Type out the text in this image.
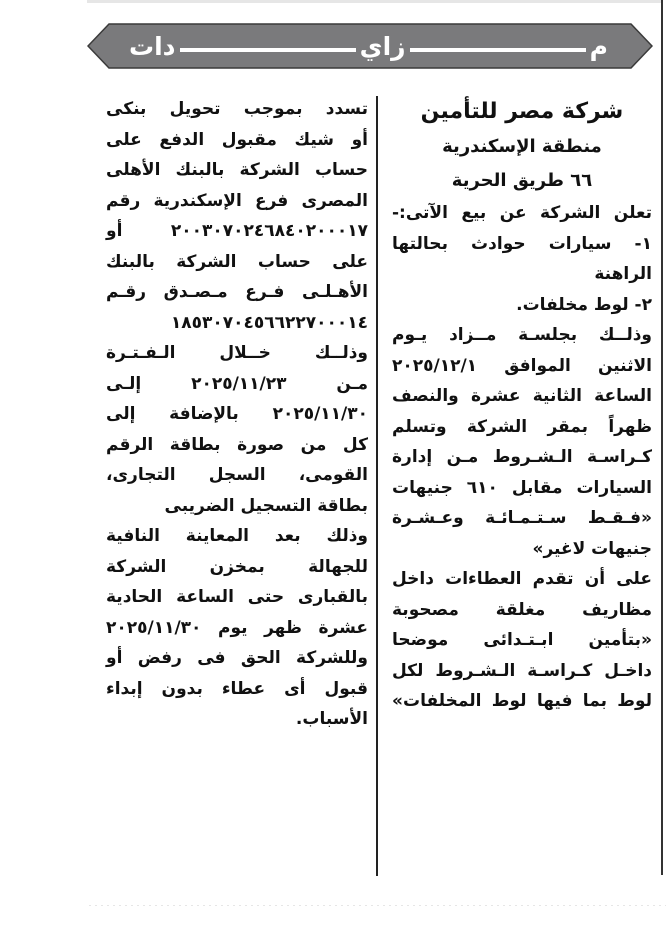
م
زاي
دات
شركة مصر للتأمين
منطقة الإسكندرية
٦٦ طريق الحرية
تعلن الشركة عن بيع الآتى:-
١- سيارات حوادث بحالتها
الراهنة
٢- لوط مخلفات.
وذلــك بجلسـة مــزاد يـوم
الاثنين الموافق ٢٠٢٥/١٢/١
الساعة الثانية عشرة والنصف
ظهراً بمقر الشركة وتسلم
كـراسـة الـشـروط مـن إدارة
السيارات مقابل ٦١٠ جنيهات
«فـقـط سـتـمـائـة وعـشـرة
جنيهات لاغير»
على أن تقدم العطاءات داخل
مظاريف مغلقة مصحوبة
«بتأمين ابـتـدائى موضحا
داخـل كـراسـة الـشـروط لكل
لوط بما فيها لوط المخلفات»
تسدد بموجب تحويل بنكى
أو شيك مقبول الدفع على
حساب الشركة بالبنك الأهلى
المصرى فرع الإسكندرية رقم
٢٠٠٣٠٧٠٢٤٦٨٤٠٢٠٠٠١٧ أو
على حساب الشركة بالبنك
الأهـلـى فـرع مـصـدق رقـم
١٨٥٣٠٧٠٤٥٦٦٢٢٧٠٠٠١٤
وذلــك خــلال الـفـتـرة
مـن ٢٠٢٥/١١/٢٣ إلـى
٢٠٢٥/١١/٣٠ بالإضافة إلى
كل من صورة بطاقة الرقم
القومى، السجل التجارى،
بطاقة التسجيل الضريبى
وذلك بعد المعاينة النافية
للجهالة بمخزن الشركة
بالقبارى حتى الساعة الحادية
عشرة ظهر يوم ٢٠٢٥/١١/٣٠
وللشركة الحق فى رفض أو
قبول أى عطاء بدون إبداء
الأسباب.
